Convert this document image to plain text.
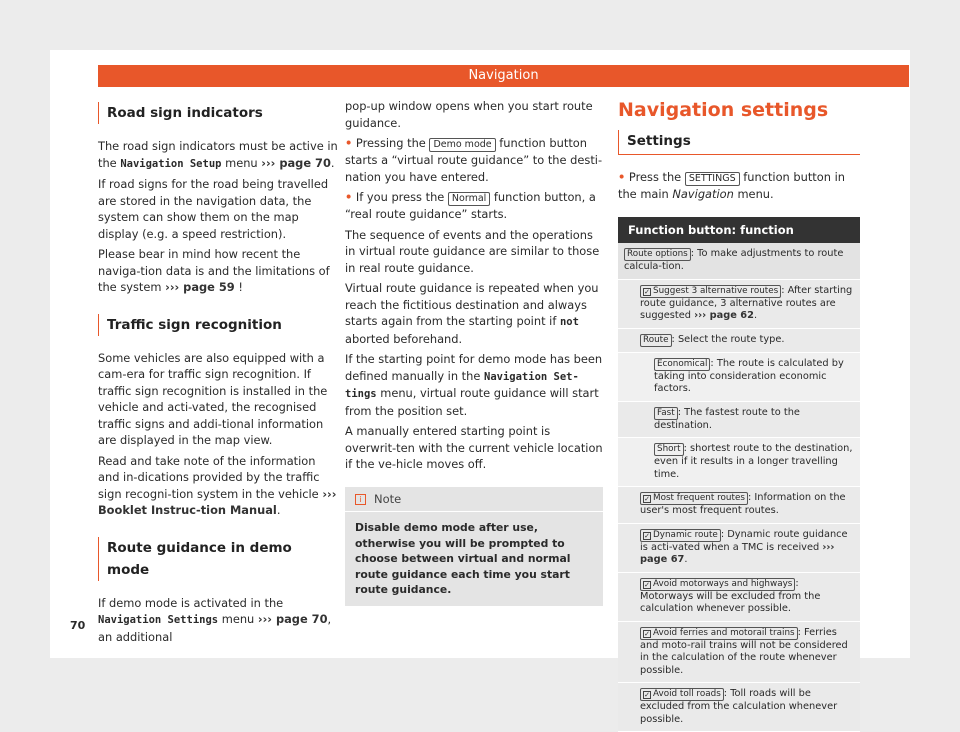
Navigation
Road sign indicators

The road sign indicators must be active in the Navigation Setup menu ››› page 70.

If road signs for the road being travelled are stored in the navigation data, the system can show them on the map display (e.g. a speed restriction).

Please bear in mind how recent the naviga-tion data is and the limitations of the system ››› page 59 !

Traffic sign recognition

Some vehicles are also equipped with a cam-era for traffic sign recognition. If traffic sign recognition is installed in the vehicle and acti-vated, the recognised traffic signs and addi-tional information are displayed in the map view.

Read and take note of the information and in-dications provided by the traffic sign recogni-tion system in the vehicle ››› Booklet Instruc-tion Manual.

Route guidance in demo mode

If demo mode is activated in the Navigation Settings menu ››› page 70, an additional

pop-up window opens when you start route guidance.

• Pressing the Demo mode function button starts a “virtual route guidance” to the desti-nation you have entered.

• If you press the Normal function button, a “real route guidance” starts.

The sequence of events and the operations in virtual route guidance are similar to those in real route guidance.

Virtual route guidance is repeated when you reach the fictitious destination and always starts again from the starting point if not aborted beforehand.

If the starting point for demo mode has been defined manually in the Navigation Set-tings menu, virtual route guidance will start from the position set.

A manually entered starting point is overwrit-ten with the current vehicle location if the ve-hicle moves off.

i Note
Disable demo mode after use, otherwise you will be prompted to choose between virtual and normal route guidance each time you start route guidance.
Navigation settings
Settings

• Press the SETTINGS function button in the main Navigation menu.

Function button: function
Route options : To make adjustments to route calcula-tion.
✓ Suggest 3 alternative routes : After starting route guidance, 3 alternative routes are suggested ››› page 62.
Route : Select the route type.
Economical : The route is calculated by taking into consideration economic factors.
Fast : The fastest route to the destination.
Short : shortest route to the destination, even if it results in a longer travelling time.
✓ Most frequent routes : Information on the user's most frequent routes.
✓ Dynamic route : Dynamic route guidance is acti-vated when a TMC is received ››› page 67.
✓ Avoid motorways and highways : Motorways will be excluded from the calculation whenever possible.
✓ Avoid ferries and motorail trains : Ferries and moto-rail trains will not be considered in the calculation of the route whenever possible.
✓ Avoid toll roads : Toll roads will be excluded from the calculation whenever possible.
70
